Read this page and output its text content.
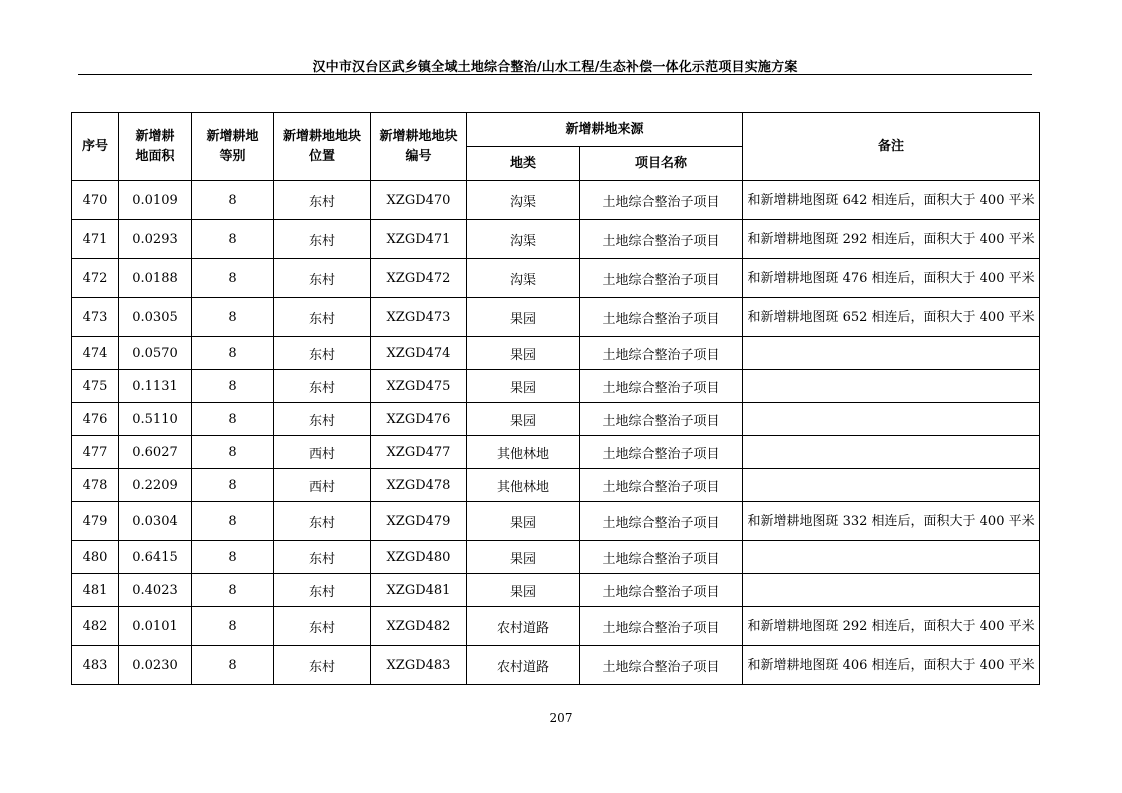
汉中市汉台区武乡镇全域土地综合整治/山水工程/生态补偿一体化示范项目实施方案
序号	新增耕地面积	新增耕地等别	新增耕地地块位置	新增耕地地块编号	新增耕地来源		备注
					地类	项目名称	
470	0.0109	8	东村	XZGD470	沟渠	土地综合整治子项目	和新增耕地图斑 642 相连后，面积大于 400 平米
471	0.0293	8	东村	XZGD471	沟渠	土地综合整治子项目	和新增耕地图斑 292 相连后，面积大于 400 平米
472	0.0188	8	东村	XZGD472	沟渠	土地综合整治子项目	和新增耕地图斑 476 相连后，面积大于 400 平米
473	0.0305	8	东村	XZGD473	果园	土地综合整治子项目	和新增耕地图斑 652 相连后，面积大于 400 平米
474	0.0570	8	东村	XZGD474	果园	土地综合整治子项目	
475	0.1131	8	东村	XZGD475	果园	土地综合整治子项目	
476	0.5110	8	东村	XZGD476	果园	土地综合整治子项目	
477	0.6027	8	西村	XZGD477	其他林地	土地综合整治子项目	
478	0.2209	8	西村	XZGD478	其他林地	土地综合整治子项目	
479	0.0304	8	东村	XZGD479	果园	土地综合整治子项目	和新增耕地图斑 332 相连后，面积大于 400 平米
480	0.6415	8	东村	XZGD480	果园	土地综合整治子项目	
481	0.4023	8	东村	XZGD481	果园	土地综合整治子项目	
482	0.0101	8	东村	XZGD482	农村道路	土地综合整治子项目	和新增耕地图斑 292 相连后，面积大于 400 平米
483	0.0230	8	东村	XZGD483	农村道路	土地综合整治子项目	和新增耕地图斑 406 相连后，面积大于 400 平米
207
